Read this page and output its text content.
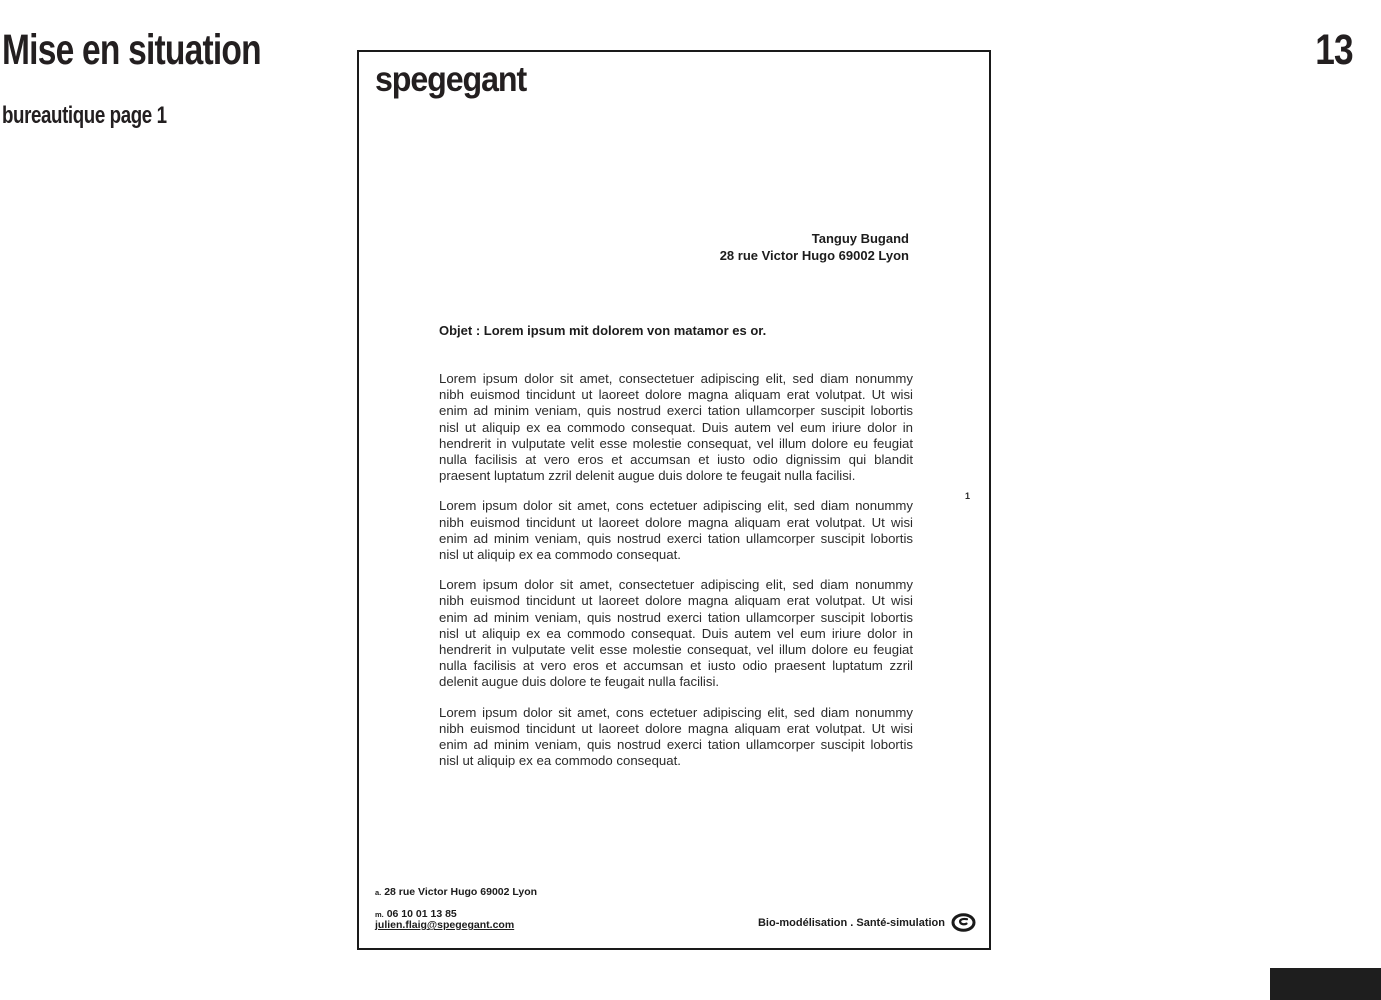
Mise en situation
bureautique page 1
13
spegegant
Tanguy Bugand
28 rue Victor Hugo 69002 Lyon
Objet : Lorem ipsum mit dolorem von matamor es or.

Lorem ipsum dolor sit amet, consectetuer adipiscing elit, sed diam nonummy nibh euismod tincidunt ut laoreet dolore magna aliquam erat volutpat. Ut wisi enim ad minim veniam, quis nostrud exerci tation ullamcorper suscipit lobortis nisl ut aliquip ex ea commodo consequat. Duis autem vel eum iriure dolor in hendrerit in vulputate velit esse molestie consequat, vel illum dolore eu feugiat nulla facilisis at vero eros et accumsan et iusto odio dignissim qui blandit praesent luptatum zzril delenit augue duis dolore te feugait nulla facilisi.

Lorem ipsum dolor sit amet, cons ectetuer adipiscing elit, sed diam nonummy nibh euismod tincidunt ut laoreet dolore magna aliquam erat volutpat. Ut wisi enim ad minim veniam, quis nostrud exerci tation ullamcorper suscipit lobortis nisl ut aliquip ex ea commodo consequat.

Lorem ipsum dolor sit amet, consectetuer adipiscing elit, sed diam nonummy nibh euismod tincidunt ut laoreet dolore magna aliquam erat volutpat. Ut wisi enim ad minim veniam, quis nostrud exerci tation ullamcorper suscipit lobortis nisl ut aliquip ex ea commodo consequat. Duis autem vel eum iriure dolor in hendrerit in vulputate velit esse molestie consequat, vel illum dolore eu feugiat nulla facilisis at vero eros et accumsan et iusto odio praesent luptatum zzril delenit augue duis dolore te feugait nulla facilisi.

Lorem ipsum dolor sit amet, cons ectetuer adipiscing elit, sed diam nonummy nibh euismod tincidunt ut laoreet dolore magna aliquam erat volutpat. Ut wisi enim ad minim veniam, quis nostrud exerci tation ullamcorper suscipit lobortis nisl ut aliquip ex ea commodo consequat.

1
a. 28 rue Victor Hugo 69002 Lyon
m. 06 10 01 13 85
julien.flaig@spegegant.com	Bio-modélisation . Santé-simulation
